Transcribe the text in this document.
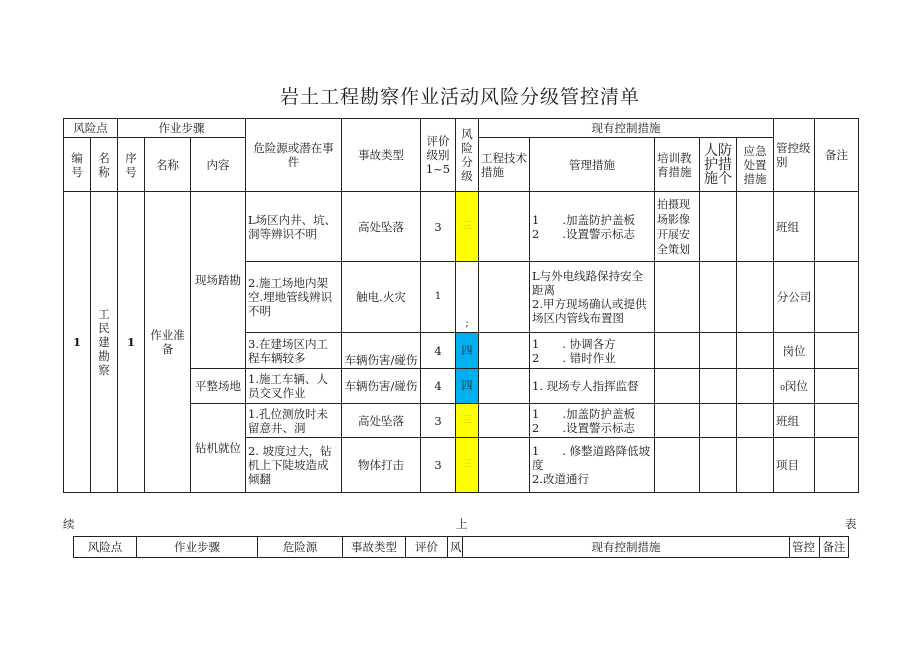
岩土工程勘察作业活动风险分级管控清单
风险点		作业步骤			危险源或潜在事件	事故类型	评价级别1~5	风险分级	现有控制措施					管控级别	备注
编号	名称	序号	名称	内容					工程技术措施	管理措施	培训教育措施	人防护措施个	应急处置措施		
1	工民建勘察	1	作业准备	现场踏勘	L场区内井、坑、洞等辨识不明	高处坠落	3	三		1　　.加盖防护盖板
2　　.设置警示标志	拍摄现场影像开展安全策划			班组	
					2.施工场地内架空.埋地管线辨识不明	触电.火灾	1	;		L与外电线路保持安全距离
2.甲方现场确认或提供场区内管线布置图				分公司	
					3.在建场区内工程车辆较多	车辆伤害/碰伤	4	四		1　　. 协调各方
2　　. 错时作业				岗位	
				平整场地	1.施工车辆、人员交叉作业	车辆伤害/碰伤	4	四		1. 现场专人指挥监督				₀闵位	
				钻机就位	1.孔位测放时未留意井、洞	高处坠落	3	三		1　　.加盖防护盖板
2　　.设置警示标志				班组	
					2. 坡度过大，钻机上下陡坡造成倾翻	物体打击	3	三		1　　. 修整道路降低坡度
2.改道通行				项目	
续	上	表
风险点	作业步骤	危险源	事故类型	评价	风	现有控制措施	管控	备注
